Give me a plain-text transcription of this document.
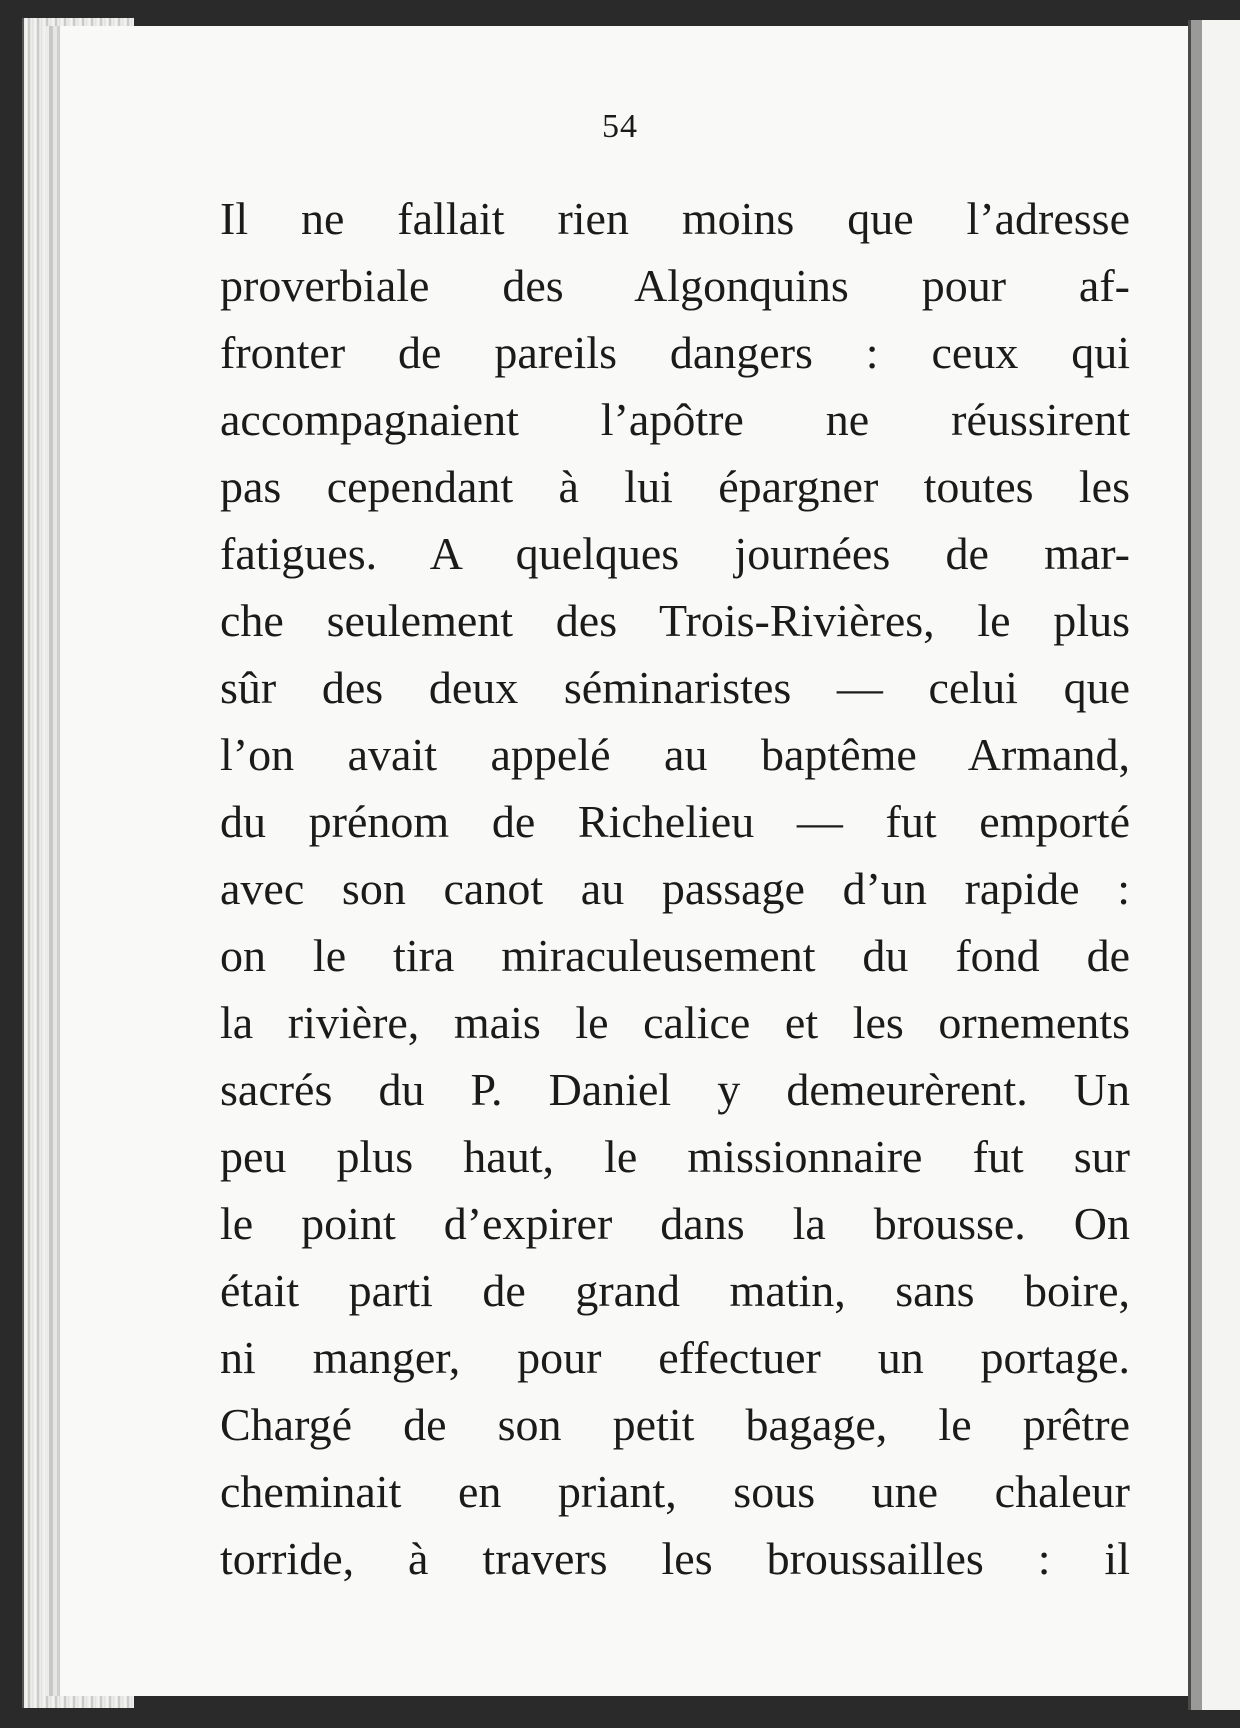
54
Il ne fallait rien moins que l’adresse
proverbiale des Algonquins pour af-
fronter de pareils dangers : ceux qui
accompagnaient l’apôtre ne réussirent
pas cependant à lui épargner toutes les
fatigues. A quelques journées de mar-
che seulement des Trois-Rivières, le plus
sûr des deux séminaristes — celui que
l’on avait appelé au baptême Armand,
du prénom de Richelieu — fut emporté
avec son canot au passage d’un rapide :
on le tira miraculeusement du fond de
la rivière, mais le calice et les ornements
sacrés du P. Daniel y demeurèrent. Un
peu plus haut, le missionnaire fut sur
le point d’expirer dans la brousse. On
était parti de grand matin, sans boire,
ni manger, pour effectuer un portage.
Chargé de son petit bagage, le prêtre
cheminait en priant, sous une chaleur
torride, à travers les broussailles : il
